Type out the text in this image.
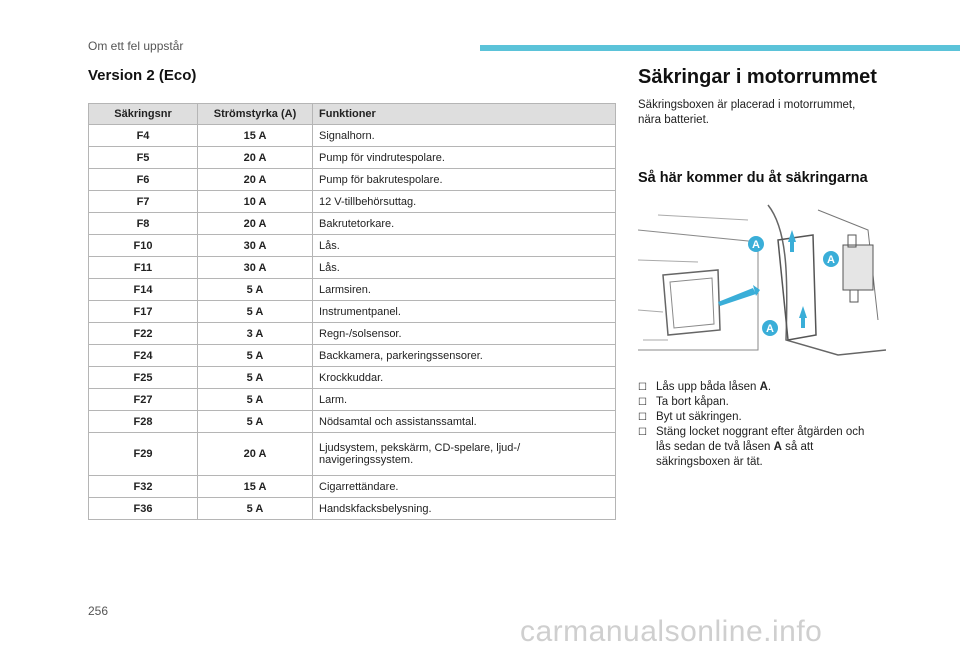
Om ett fel uppstår
Version 2 (Eco)
Säkringsnr	Strömstyrka (A)	Funktioner
F4	15 A	Signalhorn.
F5	20 A	Pump för vindrutespolare.
F6	20 A	Pump för bakrutespolare.
F7	10 A	12 V-tillbehörsuttag.
F8	20 A	Bakrutetorkare.
F10	30 A	Lås.
F11	30 A	Lås.
F14	5 A	Larmsiren.
F17	5 A	Instrumentpanel.
F22	3 A	Regn-/solsensor.
F24	5 A	Backkamera, parkeringssensorer.
F25	5 A	Krockkuddar.
F27	5 A	Larm.
F28	5 A	Nödsamtal och assistanssamtal.
F29	20 A	Ljudsystem, pekskärm, CD-spelare, ljud-/ navigeringssystem.
F32	15 A	Cigarrettändare.
F36	5 A	Handskfacksbelysning.
Säkringar i motorrummet
Säkringsboxen är placerad i motorrummet, nära batteriet.
Så här kommer du åt säkringarna
A
A
A
☐ Lås upp båda låsen A.
☐ Ta bort kåpan.
☐ Byt ut säkringen.
☐ Stäng locket noggrant efter åtgärden och lås sedan de två låsen A så att säkringsboxen är tät.
256
carmanualsonline.info
